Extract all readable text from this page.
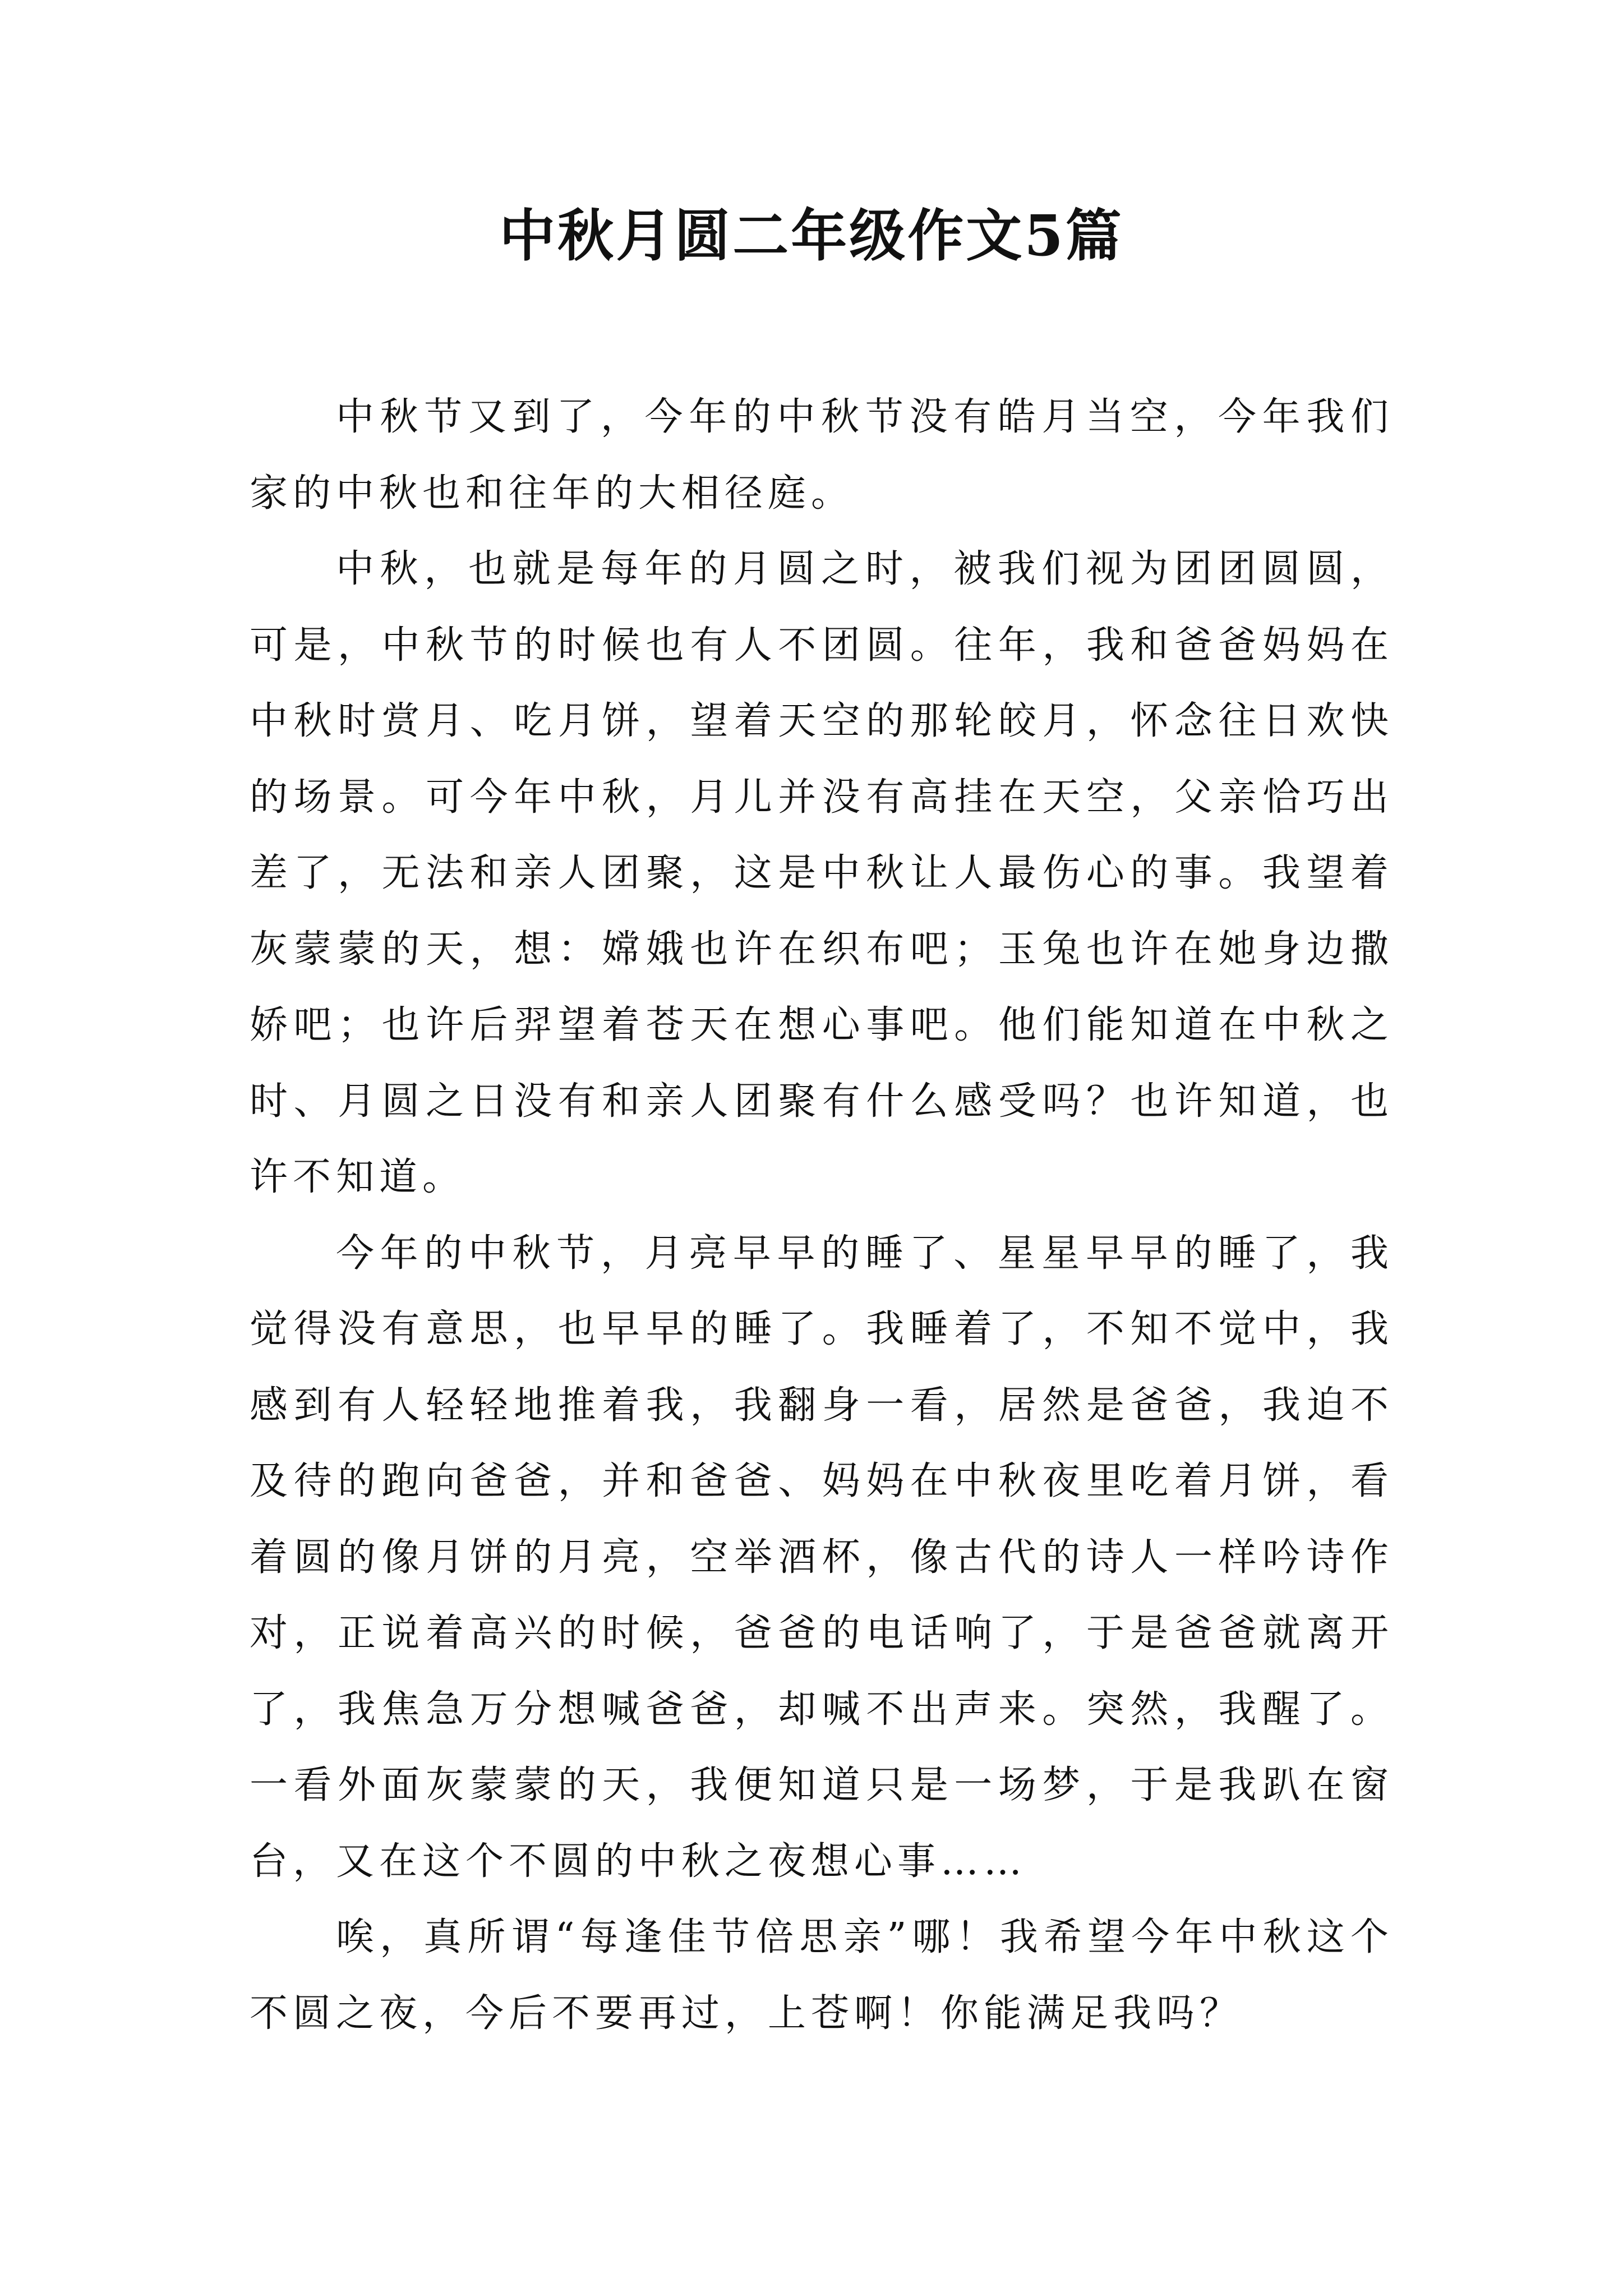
中秋月圆二年级作文5篇

中秋节又到了，今年的中秋节没有皓月当空，今年我们家的中秋也和往年的大相径庭。

中秋，也就是每年的月圆之时，被我们视为团团圆圆，可是，中秋节的时候也有人不团圆。往年，我和爸爸妈妈在中秋时赏月、吃月饼，望着天空的那轮皎月，怀念往日欢快的场景。可今年中秋，月儿并没有高挂在天空，父亲恰巧出差了，无法和亲人团聚，这是中秋让人最伤心的事。我望着灰蒙蒙的天，想：嫦娥也许在织布吧；玉兔也许在她身边撒娇吧；也许后羿望着苍天在想心事吧。他们能知道在中秋之时、月圆之日没有和亲人团聚有什么感受吗？也许知道，也许不知道。

今年的中秋节，月亮早早的睡了、星星早早的睡了，我觉得没有意思，也早早的睡了。我睡着了，不知不觉中，我感到有人轻轻地推着我，我翻身一看，居然是爸爸，我迫不及待的跑向爸爸，并和爸爸、妈妈在中秋夜里吃着月饼，看着圆的像月饼的月亮，空举酒杯，像古代的诗人一样吟诗作对，正说着高兴的时候，爸爸的电话响了，于是爸爸就离开了，我焦急万分想喊爸爸，却喊不出声来。突然，我醒了。一看外面灰蒙蒙的天，我便知道只是一场梦，于是我趴在窗台，又在这个不圆的中秋之夜想心事……

唉，真所谓“每逢佳节倍思亲”哪！我希望今年中秋这个不圆之夜，今后不要再过，上苍啊！你能满足我吗？
